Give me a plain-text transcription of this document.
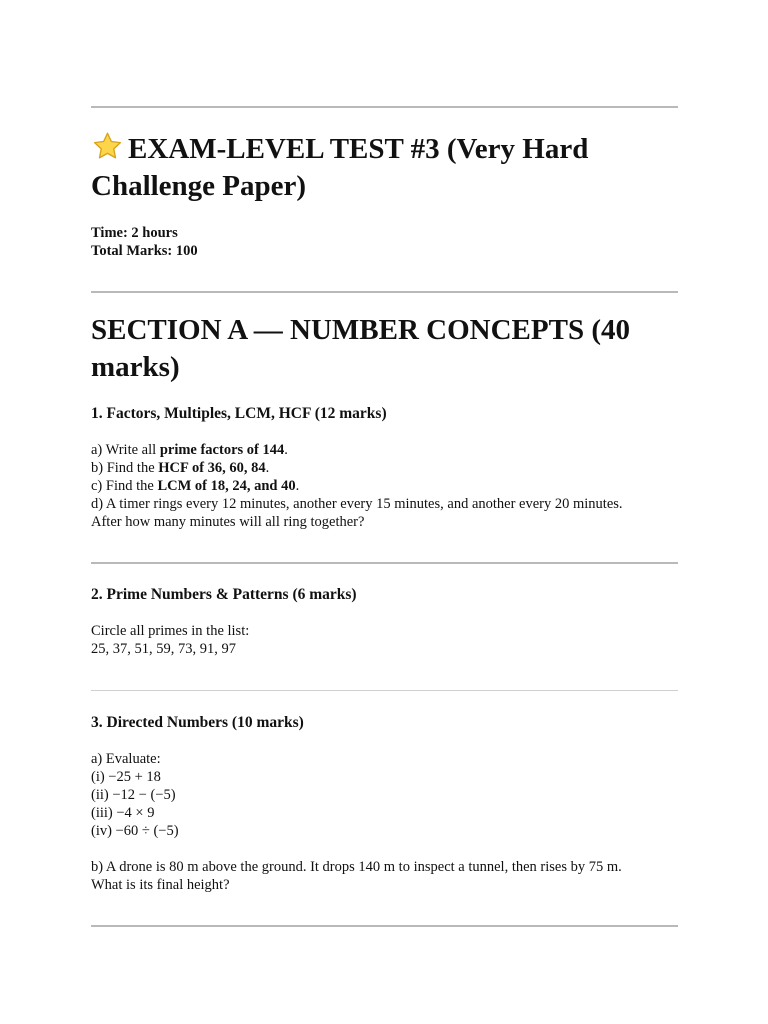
EXAM-LEVEL TEST #3 (Very Hard Challenge Paper)

Time: 2 hours

Total Marks: 100

SECTION A — NUMBER CONCEPTS (40 marks)
1. Factors, Multiples, LCM, HCF (12 marks)

a) Write all prime factors of 144.

b) Find the HCF of 36, 60, 84.

c) Find the LCM of 18, 24, and 40.

d) A timer rings every 12 minutes, another every 15 minutes, and another every 20 minutes.

After how many minutes will all ring together?

2. Prime Numbers & Patterns (6 marks)

Circle all primes in the list:

25, 37, 51, 59, 73, 91, 97

3. Directed Numbers (10 marks)

a) Evaluate:

(i) −25 + 18

(ii) −12 − (−5)

(iii) −4 × 9

(iv) −60 ÷ (−5)

b) A drone is 80 m above the ground. It drops 140 m to inspect a tunnel, then rises by 75 m.

What is its final height?
